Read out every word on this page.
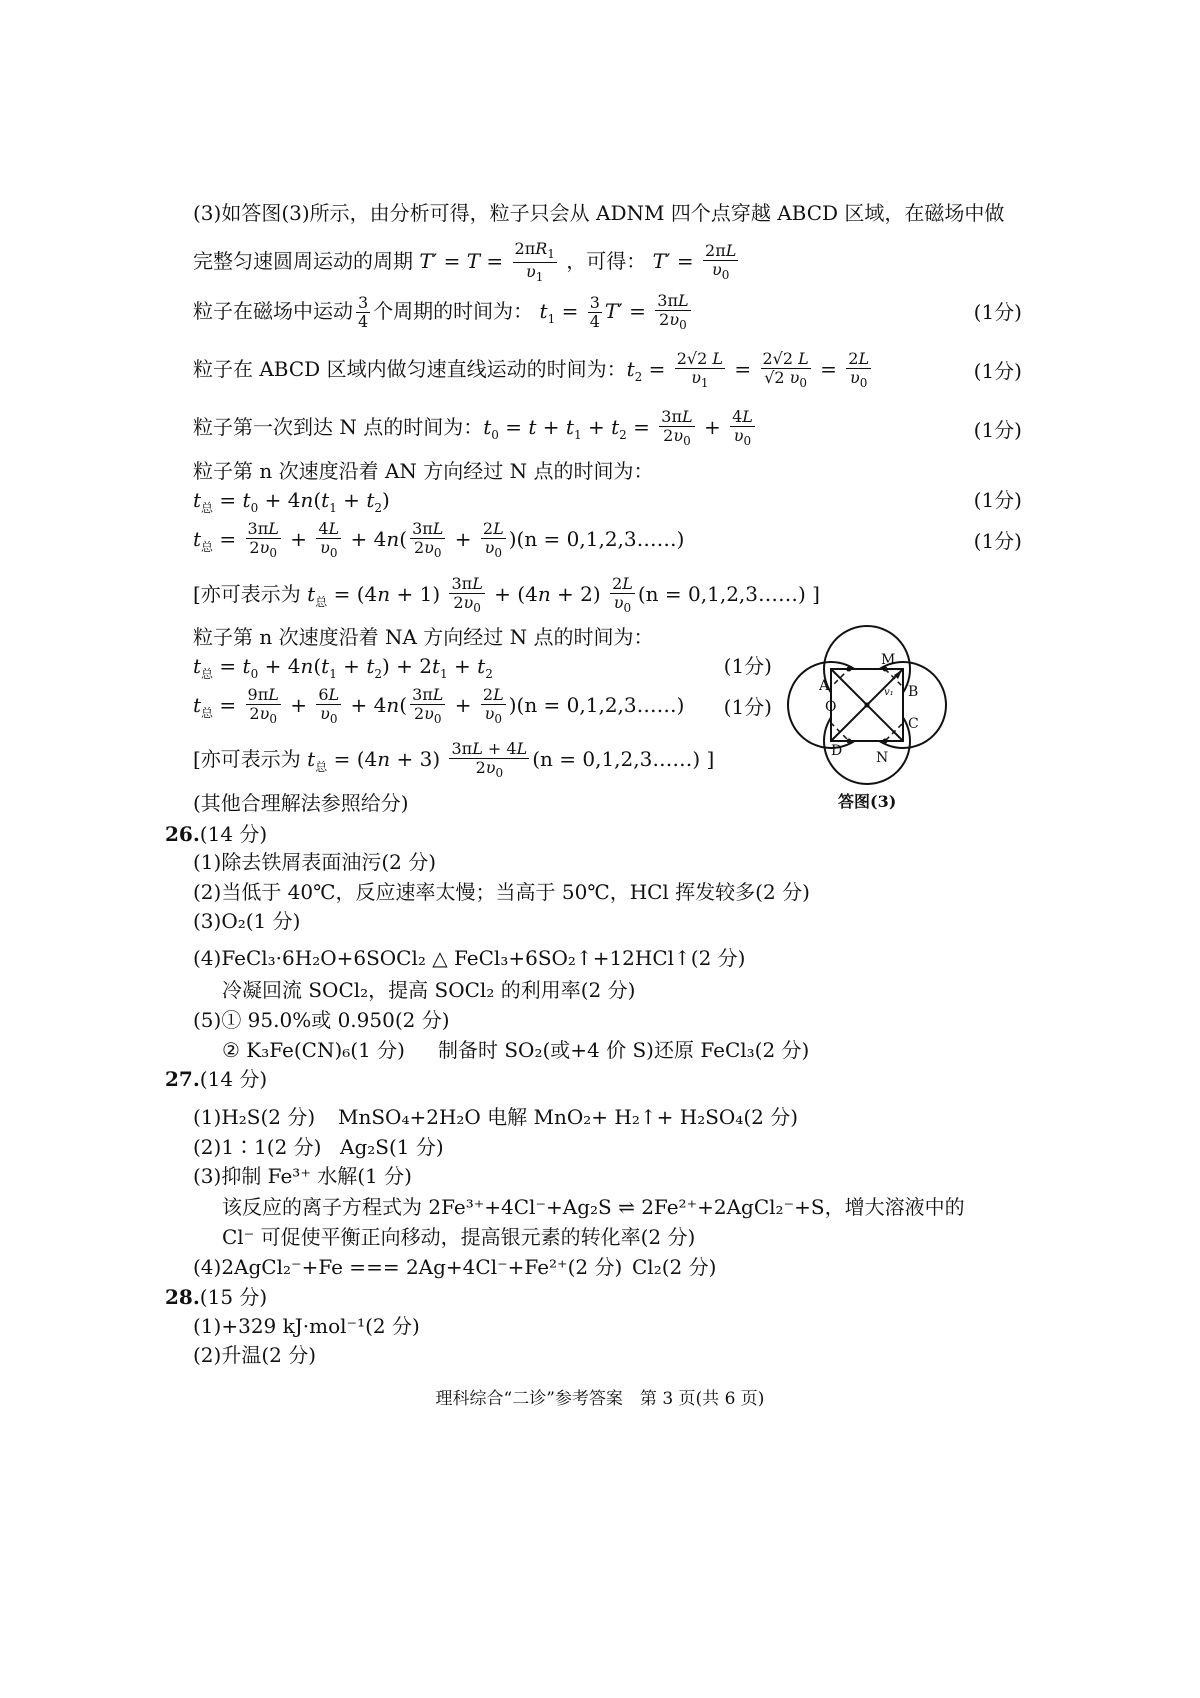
(3)如答图(3)所示，由分析可得，粒子只会从 ADNM 四个点穿越 ABCD 区域，在磁场中做
完整匀速圆周运动的周期 $T' = T = \frac{2\pi R_1}{\upsilon_1}$ ，可得： $T' = \frac{2\pi L}{\upsilon_0}$
粒子在磁场中运动 $\frac{3}{4}$ 个周期的时间为： $t_1 = \frac{3}{4} T' = \frac{3\pi L}{2\upsilon_0}$	(1分)
粒子在 ABCD 区域内做匀速直线运动的时间为：$t_2 = \frac{2√2 L}{\upsilon_1} = \frac{2√2 L}{√2 \upsilon_0} = \frac{2L}{\upsilon_0}$	(1分)
粒子第一次到达 N 点的时间为：$t_0 = t + t_1 + t_2 = \frac{3\pi L}{2\upsilon_0} + \frac{4L}{\upsilon_0}$	(1分)
粒子第 n 次速度沿着 AN 方向经过 N 点的时间为：
$t_总 = t_0 + 4n(t_1 + t_2)$	(1分)
$t_总 = \frac{3\pi L}{2\upsilon_0} + \frac{4L}{\upsilon_0} + 4n( \frac{3\pi L}{2\upsilon_0} + \frac{2L}{\upsilon_0} )(n$ = 0,1,2,3……)	(1分)
[亦可表示为 $t_总 = (4n + 1) \frac{3\pi L}{2\upsilon_0} + (4n + 2) \frac{2L}{\upsilon_0} (n$ = 0,1,2,3……) ]
粒子第 n 次速度沿着 NA 方向经过 N 点的时间为：
$t_总 = t_0 + 4n(t_1 + t_2) + 2t_1 + t_2$	(1分)
$t_总 = \frac{9\pi L}{2\upsilon_0} + \frac{6L}{\upsilon_0} + 4n( \frac{3\pi L}{2\upsilon_0} + \frac{2L}{\upsilon_0} )(n$ = 0,1,2,3……) (1分)
[亦可表示为 $t_总 = (4n + 3) \frac{3\pi L + 4L}{2\upsilon_0} (n$ = 0,1,2,3……) ]
(其他合理解法参照给分)
M
A
O
B
C
D N
v₁
答图(3)
26.(14 分)
(1)除去铁屑表面油污(2 分)
(2)当低于 40℃，反应速率太慢；当高于 50℃，HCl 挥发较多(2 分)
(3)O₂(1 分)
(4)FeCl₃·6H₂O+6SOCl₂ △ FeCl₃+6SO₂↑+12HCl↑(2 分)
冷凝回流 SOCl₂，提高 SOCl₂ 的利用率(2 分)
(5)① 95.0%或 0.950(2 分)
② K₃Fe(CN)₆(1 分) 制备时 SO₂(或+4 价 S)还原 FeCl₃(2 分)
27.(14 分)
(1)H₂S(2 分) MnSO₄+2H₂O 电解 MnO₂+ H₂↑+ H₂SO₄(2 分)
(2)1∶1(2 分) Ag₂S(1 分)
(3)抑制 Fe³⁺ 水解(1 分)
该反应的离子方程式为 2Fe³⁺+4Cl⁻+Ag₂S ⇌ 2Fe²⁺+2AgCl₂⁻+S，增大溶液中的
Cl⁻ 可促使平衡正向移动，提高银元素的转化率(2 分)
(4)2AgCl₂⁻+Fe === 2Ag+4Cl⁻+Fe²⁺(2 分) Cl₂(2 分)
28.(15 分)
(1)+329 kJ·mol⁻¹(2 分)
(2)升温(2 分)
理科综合“二诊”参考答案　第 3 页(共 6 页)
